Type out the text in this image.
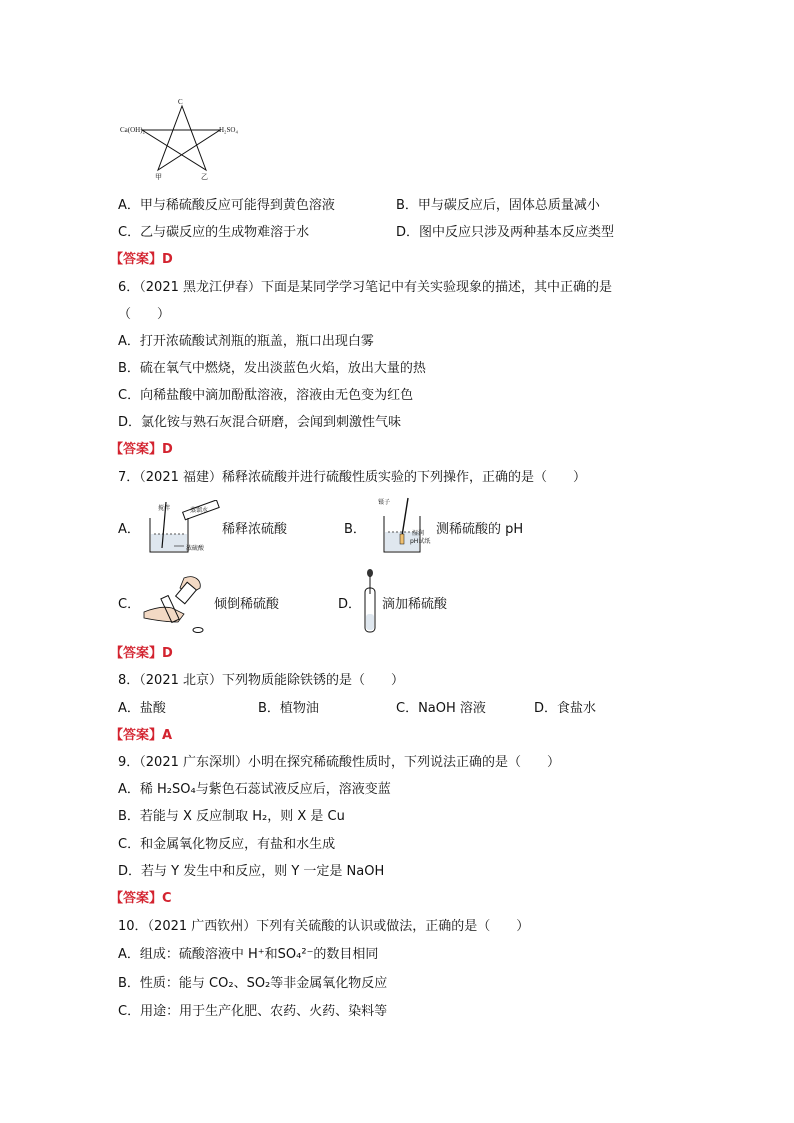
C
Ca(OH)₂	H₂SO₄
甲	乙
A．甲与稀硫酸反应可能得到黄色溶液	B．甲与碳反应后，固体总质量减小
C．乙与碳反应的生成物难溶于水	D．图中反应只涉及两种基本反应类型
【答案】D
6．（2021 黑龙江伊春）下面是某同学学习笔记中有关实验现象的描述，其中正确的是
（　　）
A．打开浓硫酸试剂瓶的瓶盖，瓶口出现白雾
B．硫在氧气中燃烧，发出淡蓝色火焰，放出大量的热
C．向稀盐酸中滴加酚酞溶液，溶液由无色变为红色
D．氯化铵与熟石灰混合研磨，会闻到刺激性气味
【答案】D
7．（2021 福建）稀释浓硫酸并进行硫酸性质实验的下列操作，正确的是（　　）
A．
搅拌	蒸馏水
浓硫酸
稀释浓硫酸	B．
镊子
湿润
pH试纸
测稀硫酸的 pH
C．	倾倒稀硫酸	D． 滴加稀硫酸
【答案】D
8．（2021 北京）下列物质能除铁锈的是（　　）
A．盐酸	B．植物油	C．NaOH 溶液	D．食盐水
【答案】A
9．（2021 广东深圳）小明在探究稀硫酸性质时，下列说法正确的是（　　）
A．稀 H₂SO₄与紫色石蕊试液反应后，溶液变蓝
B．若能与 X 反应制取 H₂，则 X 是 Cu
C．和金属氧化物反应，有盐和水生成
D．若与 Y 发生中和反应，则 Y 一定是 NaOH
【答案】C
10．（2021 广西钦州）下列有关硫酸的认识或做法，正确的是（　　）
A．组成：硫酸溶液中 H⁺和SO₄²⁻的数目相同
B．性质：能与 CO₂、SO₂等非金属氧化物反应
C．用途：用于生产化肥、农药、火药、染料等
